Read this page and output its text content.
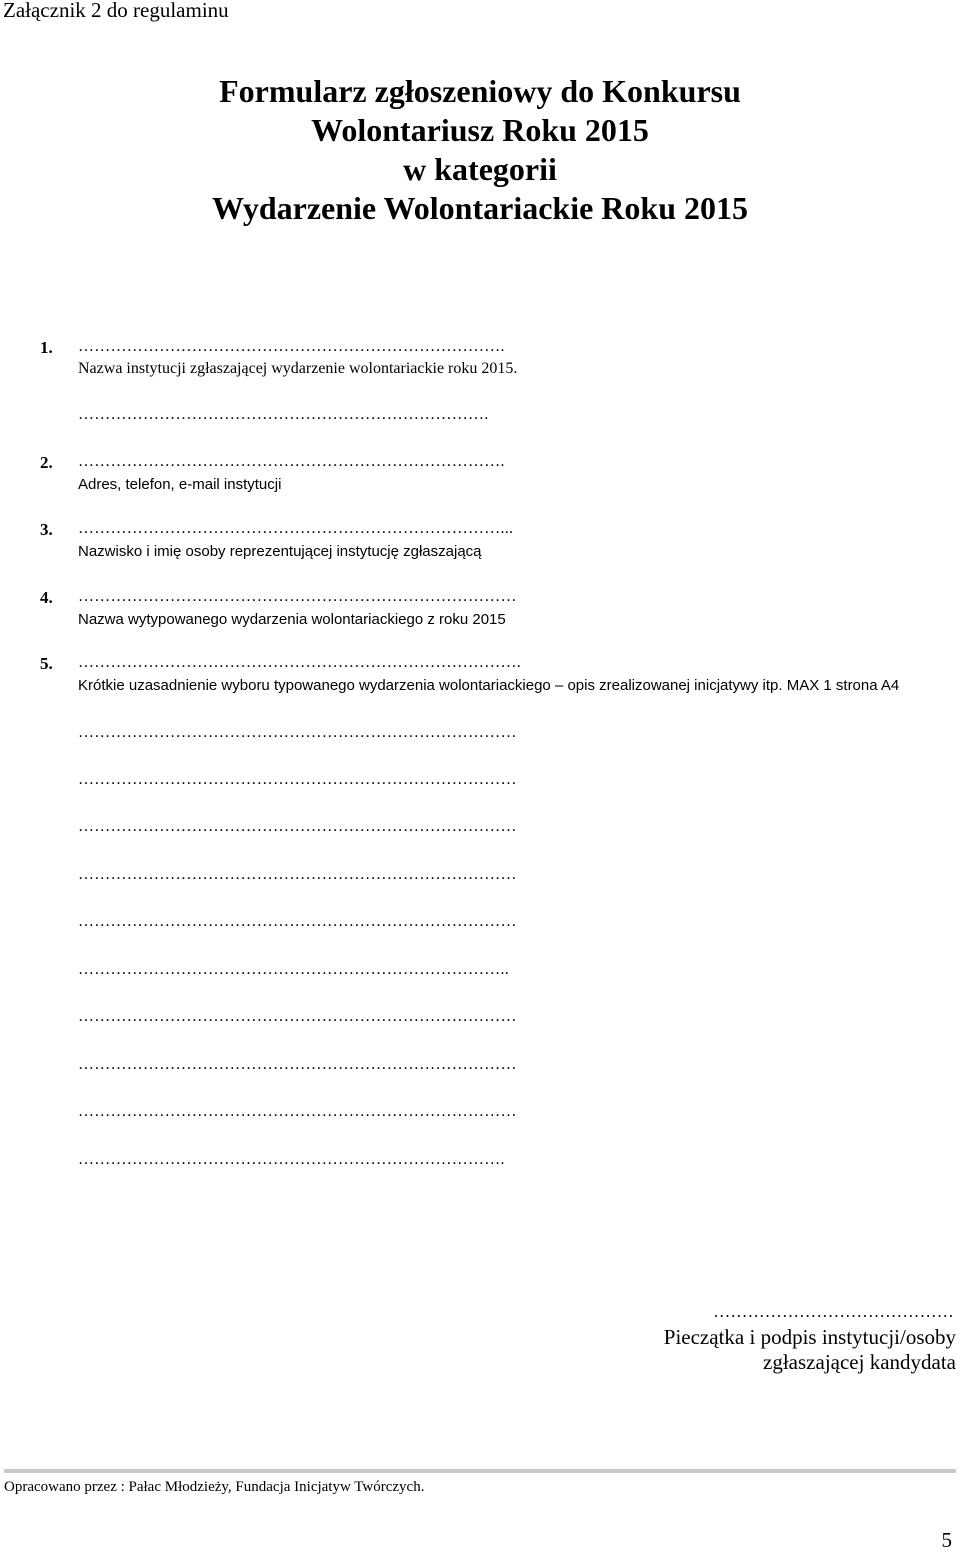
Załącznik 2 do regulaminu
Formularz zgłoszeniowy do Konkursu
Wolontariusz Roku 2015
w kategorii
Wydarzenie Wolontariackie Roku 2015
1. …………………………………………………………………….
Nazwa instytucji zgłaszającej wydarzenie wolontariackie roku 2015.
………………………………………………………………….
2. …………………………………………………………………….
Adres, telefon, e-mail instytucji
3. ……………………………………………………………………...
Nazwisko i imię osoby reprezentującej instytucję zgłaszającą
4. ………………………………………………………………………
Nazwa wytypowanego wydarzenia wolontariackiego z roku 2015
5. ……………………………………………………………………….
Krótkie uzasadnienie wyboru typowanego wydarzenia wolontariackiego – opis zrealizowanej inicjatywy itp. MAX 1 strona A4
………………………………………………………………………
………………………………………………………………………
………………………………………………………………………
………………………………………………………………………
………………………………………………………………………
……………………………………………………………………..
………………………………………………………………………
………………………………………………………………………
………………………………………………………………………
…………………………………………………………………….
……………………………………
Pieczątka i podpis instytucji/osoby
zgłaszającej kandydata
Opracowano przez : Pałac Młodzieży, Fundacja Inicjatyw Twórczych.
5
